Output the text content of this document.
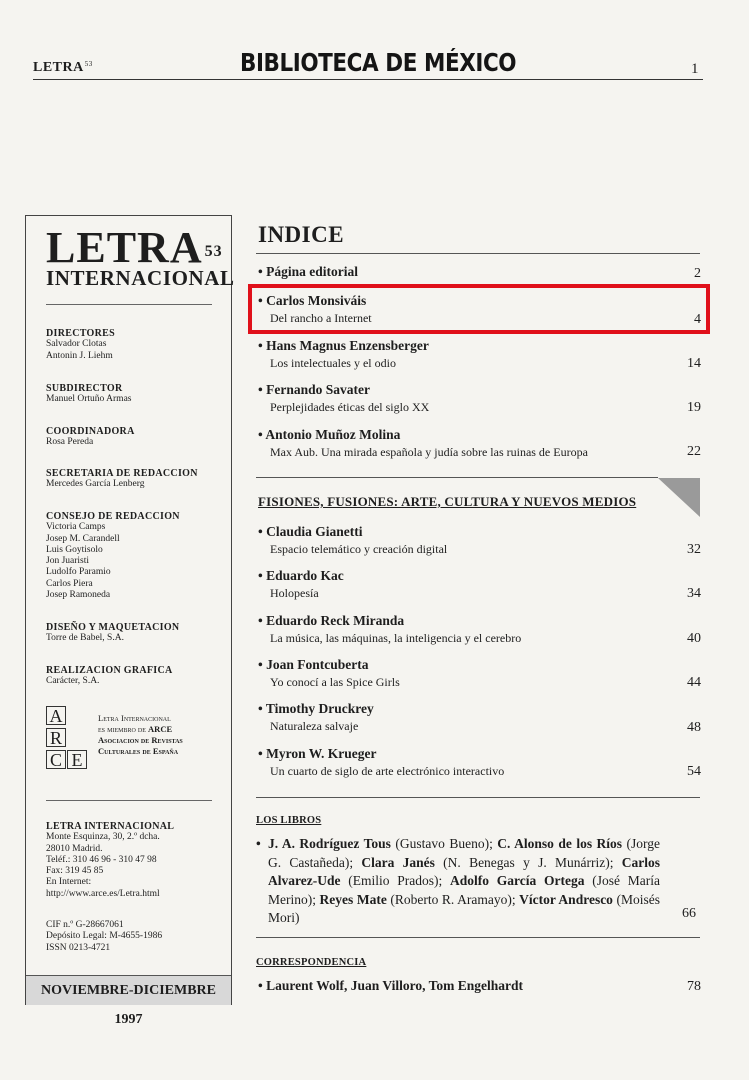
LETRA$^{53}$	BIBLIOTECA DE MÉXICO	1
LETRA $^{53}$
INTERNACIONAL
DIRECTORES
Salvador Clotas
Antonin J. Liehm
SUBDIRECTOR
Manuel Ortuño Armas
COORDINADORA
Rosa Pereda
SECRETARIA DE REDACCION
Mercedes García Lenberg
CONSEJO DE REDACCION
Victoria Camps
Josep M. Carandell
Luis Goytisolo
Jon Juaristi
Ludolfo Paramio
Carlos Piera
Josep Ramoneda
DISEÑO Y MAQUETACION
Torre de Babel, S.A.
REALIZACION GRAFICA
Carácter, S.A.
A
R
C E
Letra Internacional
es miembro de ARCE
Asociacion de Revistas
Culturales de España
LETRA INTERNACIONAL
Monte Esquinza, 30, 2.º dcha.
28010 Madrid.
Teléf.: 310 46 96 - 310 47 98
Fax: 319 45 85
En Internet:
http://www.arce.es/Letra.html
CIF n.º G-28667061
Depósito Legal: M-4655-1986
ISSN 0213-4721
NOVIEMBRE-DICIEMBRE 1997
INDICE
• Página editorial	2
• Carlos Monsiváis
Del rancho a Internet	4
• Hans Magnus Enzensberger
Los intelectuales y el odio	14
• Fernando Savater
Perplejidades éticas del siglo XX	19
• Antonio Muñoz Molina
Max Aub. Una mirada española y judía sobre las ruinas de Europa	22
FISIONES, FUSIONES: ARTE, CULTURA Y NUEVOS MEDIOS
• Claudia Gianetti
Espacio telemático y creación digital	32
• Eduardo Kac
Holopesía	34
• Eduardo Reck Miranda
La música, las máquinas, la inteligencia y el cerebro	40
• Joan Fontcuberta
Yo conocí a las Spice Girls	44
• Timothy Druckrey
Naturaleza salvaje	48
• Myron W. Krueger
Un cuarto de siglo de arte electrónico interactivo	54
LOS LIBROS
• J. A. Rodríguez Tous (Gustavo Bueno); C. Alonso de los Ríos (Jorge G. Castañeda); Clara Janés (N. Benegas y J. Munárriz); Carlos Alvarez-Ude (Emilio Prados); Adolfo García Ortega (José María Merino); Reyes Mate (Roberto R. Aramayo); Víctor Andresco (Moisés Mori)	66
CORRESPONDENCIA
• Laurent Wolf, Juan Villoro, Tom Engelhardt	78
